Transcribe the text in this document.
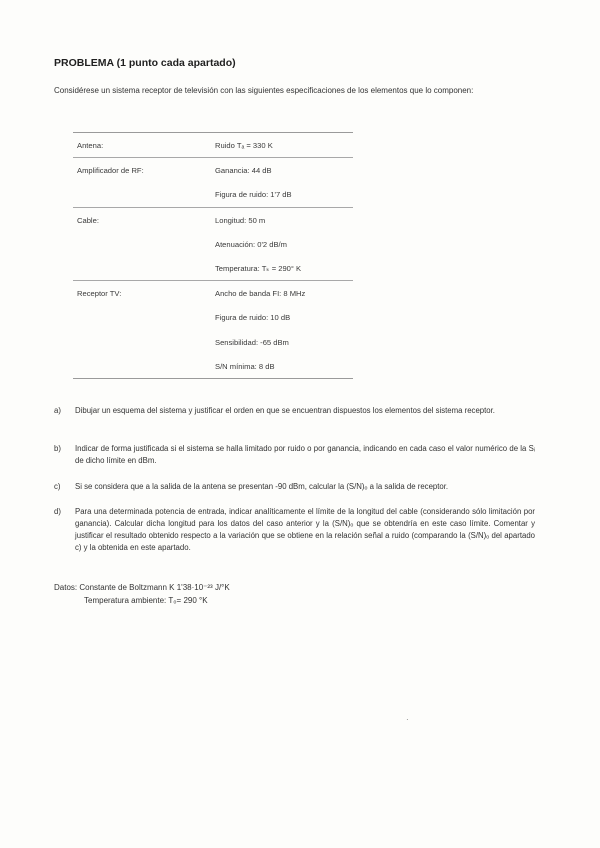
PROBLEMA (1 punto cada apartado)
Considérese un sistema receptor de televisión con las siguientes especificaciones de los elementos que lo componen:
Antena:	Ruido Tₐ = 330 K
Amplificador de RF:	Ganancia: 44 dB
Figura de ruido: 1'7 dB
Cable:	Longitud: 50 m
Atenuación: 0'2 dB/m
Temperatura: Tₖ = 290° K
Receptor TV:	Ancho de banda FI: 8 MHz
Figura de ruido: 10 dB
Sensibilidad: -65 dBm
S/N mínima: 8 dB
a) Dibujar un esquema del sistema y justificar el orden en que se encuentran dispuestos los elementos del sistema receptor.
b) Indicar de forma justificada si el sistema se halla limitado por ruido o por ganancia, indicando en cada caso el valor numérico de la Sᵢ de dicho límite en dBm.
c) Si se considera que a la salida de la antena se presentan -90 dBm, calcular la (S/N)ₒ a la salida de receptor.
d) Para una determinada potencia de entrada, indicar analíticamente el límite de la longitud del cable (considerando sólo limitación por ganancia). Calcular dicha longitud para los datos del caso anterior y la (S/N)ₒ que se obtendría en este caso límite. Comentar y justificar el resultado obtenido respecto a la variación que se obtiene en la relación señal a ruido (comparando la (S/N)ₒ del apartado c) y la obtenida en este apartado.
Datos: Constante de Boltzmann K 1'38·10⁻²³ J/°K
Temperatura ambiente: T₀= 290 °K
·
